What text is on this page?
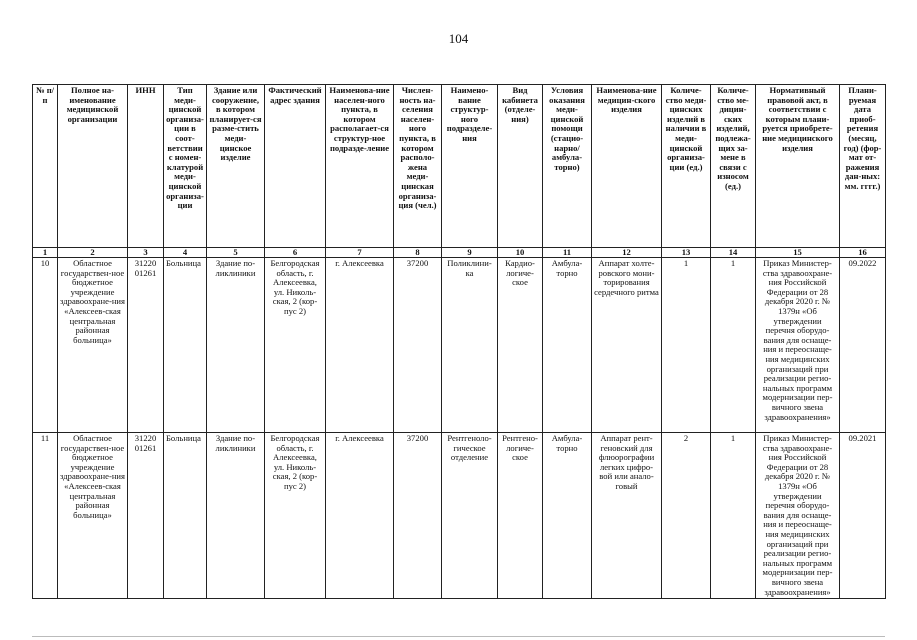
104
№ п/п	Полное на-именование медицинской организации	ИНН	Тип меди-цинской организа-ции в соот-ветствии с номен-клатурой меди-цинской организа-ции	Здание или сооружение, в котором планирует-ся разме-стить меди-цинское изделие	Фактический адрес здания	Наименова-ние населен-ного пункта, в котором располагает-ся структур-ное подразде-ление	Числен-ность на-селения населен-ного пункта, в котором располо-жена меди-цинская организа-ция (чел.)	Наимено-вание структур-ного подразделе-ния	Вид кабинета (отделе-ния)	Условия оказания меди-цинской помощи (стацио-нарно/ амбула-торно)	Наименова-ние медицин-ского изделия	Количе-ство меди-цинских изделий в наличии в меди-цинской организа-ции (ед.)	Количе-ство ме-дицин-ских изделий, подлежа-щих за-мене в связи с износом (ед.)	Нормативный правовой акт, в соответствии с которым плани-руется приобрете-ние медицинского изделия	Плани-руемая дата приоб-ретения (месяц, год) (фор-мат от-ражения дан-ных: мм. гггг.)
1	2	3	4	5	6	7	8	9	10	11	12	13	14	15	16
10	Областное государствен-ное бюджетное учреждение здравоохране-ния «Алексеев-ская центральная районная больница»	31220 01261	Больница	Здание по-ликлиники	Белгородская область, г. Алексеевка, ул. Николь-ская, 2 (кор-пус 2)	г. Алексеевка	37200	Поликлини-ка	Кардио-логиче-ское	Амбула-торно	Аппарат холте-ровского мони-торирования сердечного ритма	1	1	Приказ Министер-ства здравоохране-ния Российской Федерации от 28 декабря 2020 г. № 1379н «Об утверждении перечня оборудо-вания для оснаще-ния и переоснаще-ния медицинских организаций при реализации регио-нальных программ модернизации пер-вичного звена здравоохранения»	09.2022
11	Областное государствен-ное бюджетное учреждение здравоохране-ния «Алексеев-ская центральная районная больница»	31220 01261	Больница	Здание по-ликлиники	Белгородская область, г. Алексеевка, ул. Николь-ская, 2 (кор-пус 2)	г. Алексеевка	37200	Рентгеноло-гическое отделение	Рентгено-логиче-ское	Амбула-торно	Аппарат рент-геновский для флюорографии легких цифро-вой или анало-говый	2	1	Приказ Министер-ства здравоохране-ния Российской Федерации от 28 декабря 2020 г. № 1379н «Об утверждении перечня оборудо-вания для оснаще-ния и переоснаще-ния медицинских организаций при реализации регио-нальных программ модернизации пер-вичного звена здравоохранения»	09.2021
